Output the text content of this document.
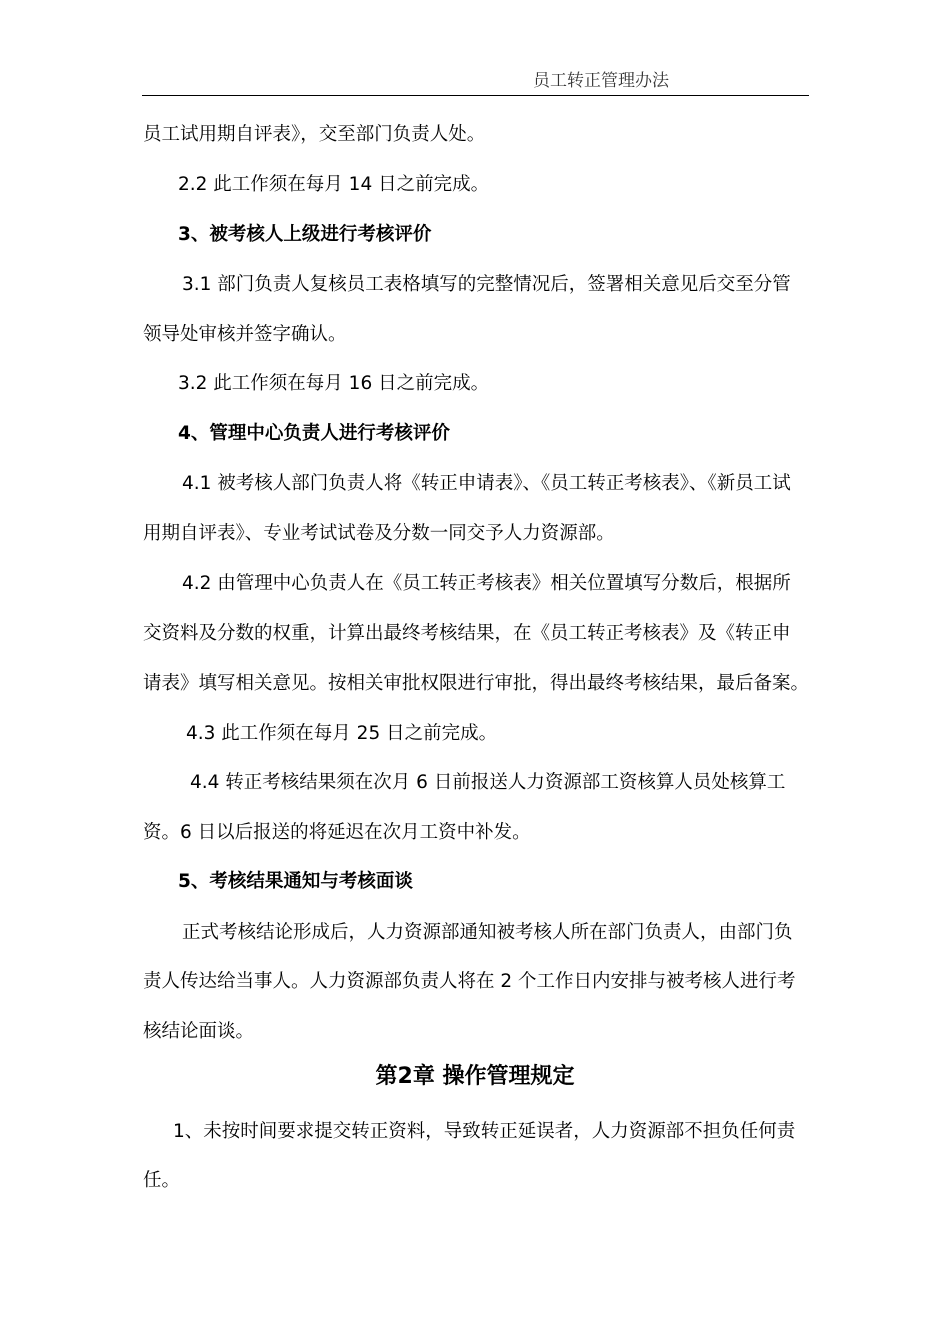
员工转正管理办法
员工试用期自评表》，交至部门负责人处。
2.2 此工作须在每月 14 日之前完成。
3、被考核人上级进行考核评价
3.1 部门负责人复核员工表格填写的完整情况后，签署相关意见后交至分管
领导处审核并签字确认。
3.2 此工作须在每月 16 日之前完成。
4、管理中心负责人进行考核评价
4.1 被考核人部门负责人将《转正申请表》、《员工转正考核表》、《新员工试
用期自评表》、专业考试试卷及分数一同交予人力资源部。
4.2 由管理中心负责人在《员工转正考核表》相关位置填写分数后，根据所
交资料及分数的权重，计算出最终考核结果，在《员工转正考核表》及《转正申
请表》填写相关意见。按相关审批权限进行审批，得出最终考核结果，最后备案。
4.3 此工作须在每月 25 日之前完成。
4.4 转正考核结果须在次月 6 日前报送人力资源部工资核算人员处核算工
资。6 日以后报送的将延迟在次月工资中补发。
5、考核结果通知与考核面谈
正式考核结论形成后，人力资源部通知被考核人所在部门负责人，由部门负
责人传达给当事人。人力资源部负责人将在 2 个工作日内安排与被考核人进行考
核结论面谈。
第2章 操作管理规定
1、未按时间要求提交转正资料，导致转正延误者，人力资源部不担负任何责
任。
